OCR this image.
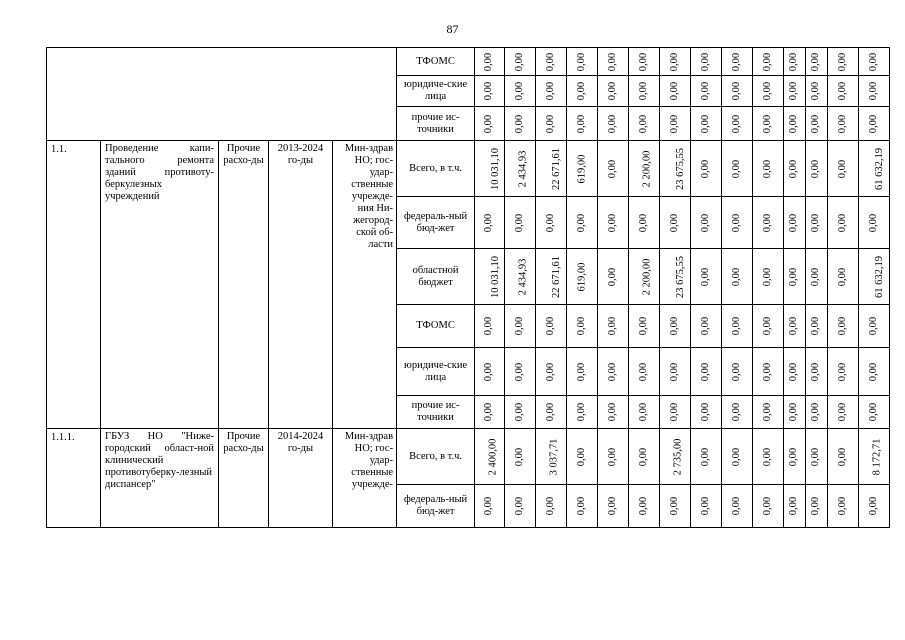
87
					ТФОМС	0,00	0,00	0,00	0,00	0,00	0,00	0,00	0,00	0,00	0,00	0,00	0,00	0,00	0,00
					юридиче-ские лица	0,00	0,00	0,00	0,00	0,00	0,00	0,00	0,00	0,00	0,00	0,00	0,00	0,00	0,00
					прочие ис-точники	0,00	0,00	0,00	0,00	0,00	0,00	0,00	0,00	0,00	0,00	0,00	0,00	0,00	0,00
1.1.	Проведение капи-тального ремонта зданий противоту-беркулезных учреждений	Прочие расхо-ды	2013-2024 го-ды	Мин-здрав НО; гос-удар-ственные учрежде-ния Ни-жегород-ской об-ласти	Всего, в т.ч.	10 031,10	2 434,93	22 671,61	619,00	0,00	2 200,00	23 675,55	0,00	0,00	0,00	0,00	0,00	0,00	61 632,19
					федераль-ный бюд-жет	0,00	0,00	0,00	0,00	0,00	0,00	0,00	0,00	0,00	0,00	0,00	0,00	0,00	0,00
					областной бюджет	10 031,10	2 434,93	22 671,61	619,00	0,00	2 200,00	23 675,55	0,00	0,00	0,00	0,00	0,00	0,00	61 632,19
					ТФОМС	0,00	0,00	0,00	0,00	0,00	0,00	0,00	0,00	0,00	0,00	0,00	0,00	0,00	0,00
					юридиче-ские лица	0,00	0,00	0,00	0,00	0,00	0,00	0,00	0,00	0,00	0,00	0,00	0,00	0,00	0,00
					прочие ис-точники	0,00	0,00	0,00	0,00	0,00	0,00	0,00	0,00	0,00	0,00	0,00	0,00	0,00	0,00
1.1.1.	ГБУЗ НО "Ниже-городский област-ной клинический противотуберку-лезный диспансер"	Прочие расхо-ды	2014-2024 го-ды	Мин-здрав НО; гос-удар-ственные учрежде-	Всего, в т.ч.	2 400,00	0,00	3 037,71	0,00	0,00	0,00	2 735,00	0,00	0,00	0,00	0,00	0,00	0,00	8 172,71
					федераль-ный бюд-жет	0,00	0,00	0,00	0,00	0,00	0,00	0,00	0,00	0,00	0,00	0,00	0,00	0,00	0,00
